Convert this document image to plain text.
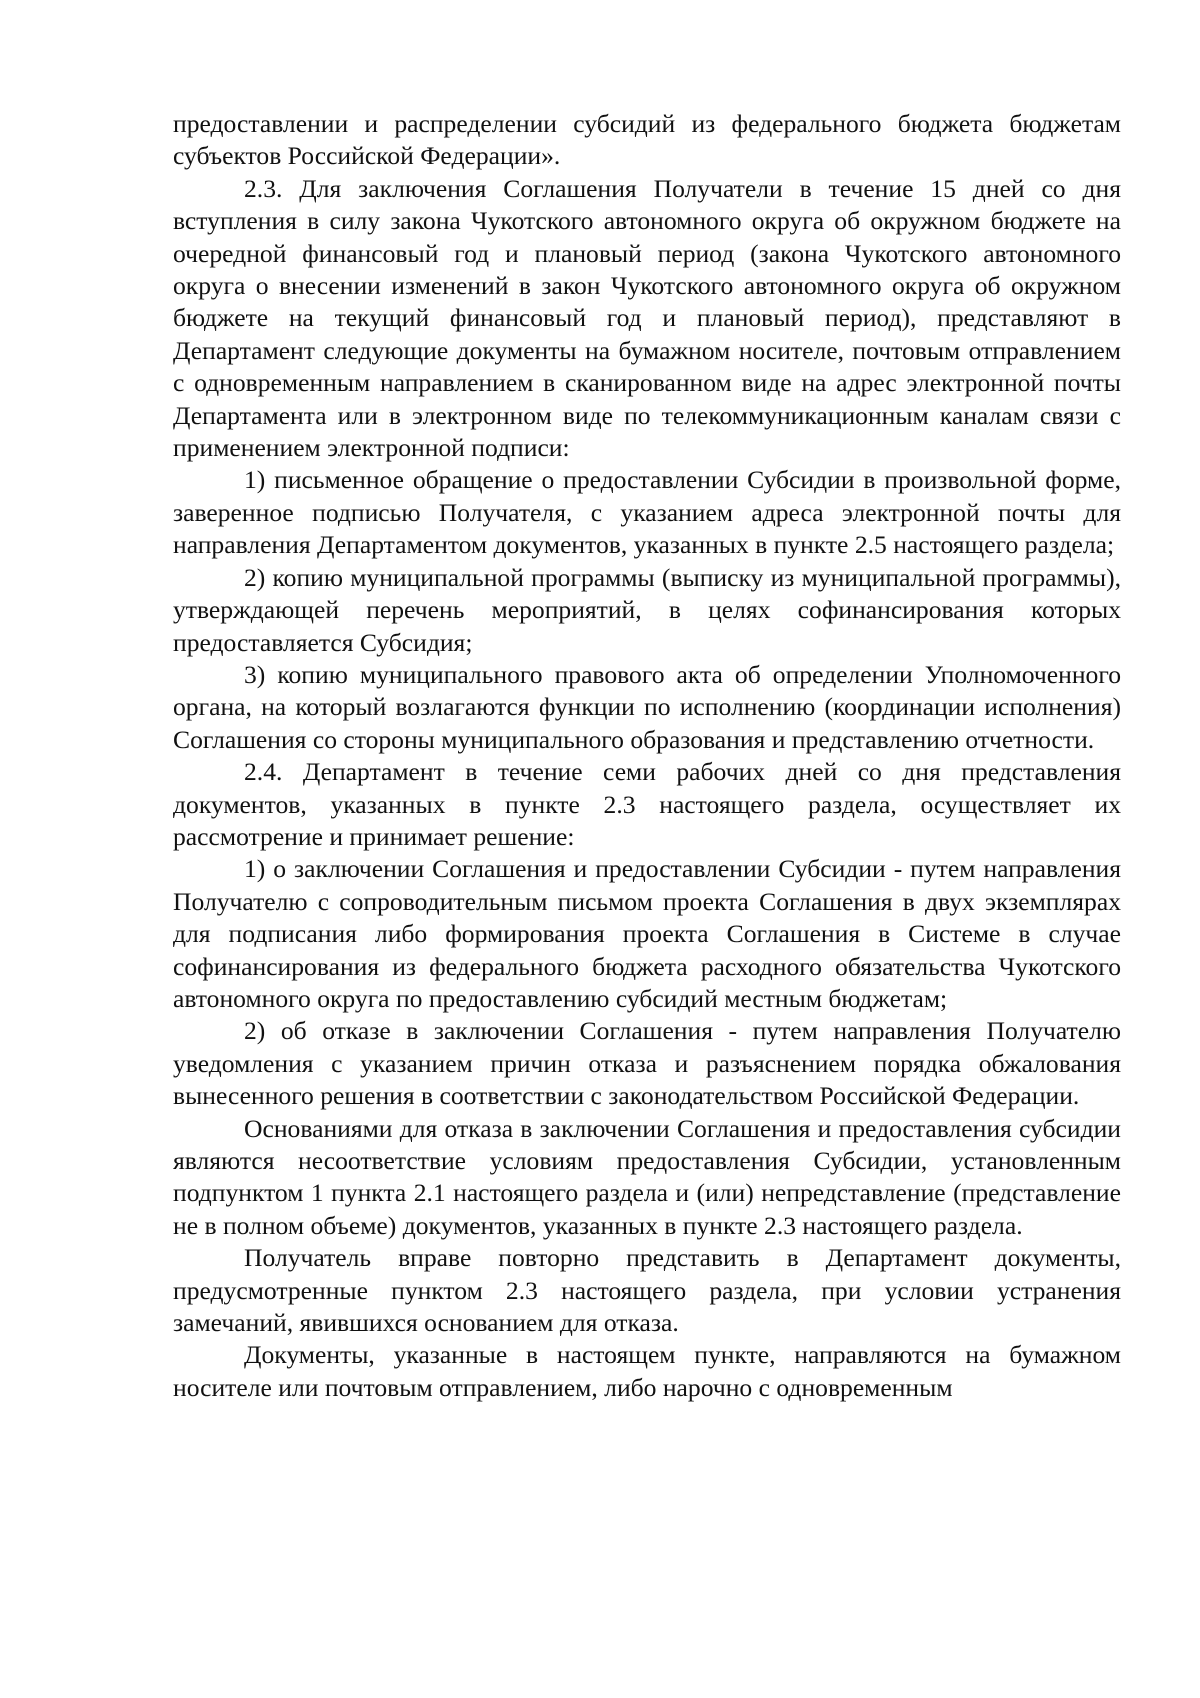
предоставлении и распределении субсидий из федерального бюджета бюджетам субъектов Российской Федерации».

2.3. Для заключения Соглашения Получатели в течение 15 дней со дня вступления в силу закона Чукотского автономного округа об окружном бюджете на очередной финансовый год и плановый период (закона Чукотского автономного округа о внесении изменений в закон Чукотского автономного округа об окружном бюджете на текущий финансовый год и плановый период), представляют в Департамент следующие документы на бумажном носителе, почтовым отправлением с одновременным направлением в сканированном виде на адрес электронной почты Департамента или в электронном виде по телекоммуникационным каналам связи с применением электронной подписи:

1) письменное обращение о предоставлении Субсидии в произвольной форме, заверенное подписью Получателя, с указанием адреса электронной почты для направления Департаментом документов, указанных в пункте 2.5 настоящего раздела;

2) копию муниципальной программы (выписку из муниципальной программы), утверждающей перечень мероприятий, в целях софинансирования которых предоставляется Субсидия;

3) копию муниципального правового акта об определении Уполномоченного органа, на который возлагаются функции по исполнению (координации исполнения) Соглашения со стороны муниципального образования и представлению отчетности.

2.4. Департамент в течение семи рабочих дней со дня представления документов, указанных в пункте 2.3 настоящего раздела, осуществляет их рассмотрение и принимает решение:

1) о заключении Соглашения и предоставлении Субсидии - путем направления Получателю с сопроводительным письмом проекта Соглашения в двух экземплярах для подписания либо формирования проекта Соглашения в Системе в случае софинансирования из федерального бюджета расходного обязательства Чукотского автономного округа по предоставлению субсидий местным бюджетам;

2) об отказе в заключении Соглашения - путем направления Получателю уведомления с указанием причин отказа и разъяснением порядка обжалования вынесенного решения в соответствии с законодательством Российской Федерации.

Основаниями для отказа в заключении Соглашения и предоставления субсидии являются несоответствие условиям предоставления Субсидии, установленным подпунктом 1 пункта 2.1 настоящего раздела и (или) непредставление (представление не в полном объеме) документов, указанных в пункте 2.3 настоящего раздела.

Получатель вправе повторно представить в Департамент документы, предусмотренные пунктом 2.3 настоящего раздела, при условии устранения замечаний, явившихся основанием для отказа.

Документы, указанные в настоящем пункте, направляются на бумажном носителе или почтовым отправлением, либо нарочно с одновременным
